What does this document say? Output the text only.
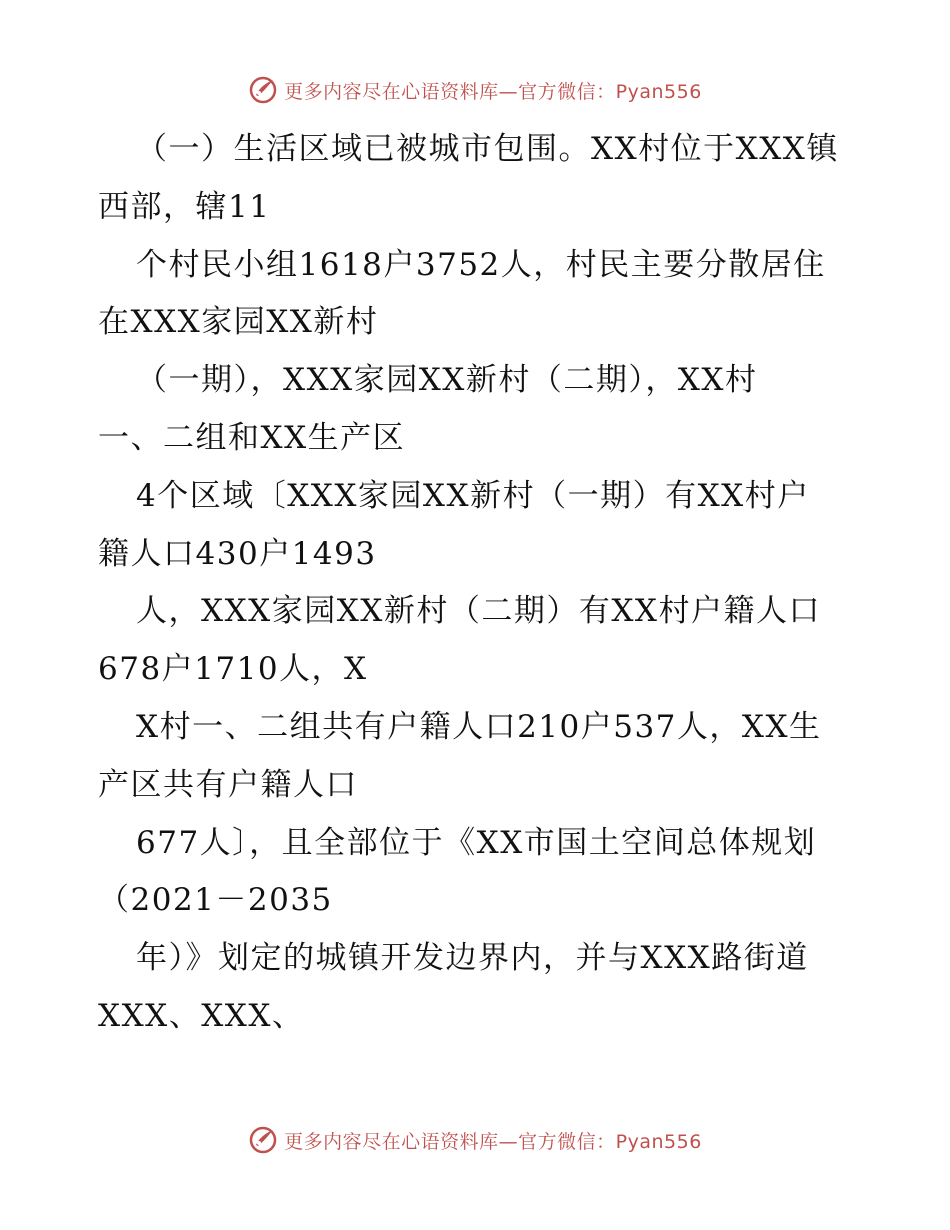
更多内容尽在心语资料库—官方微信：Pyan556
（一）生活区域已被城市包围。XX村位于XXX镇
西部，辖11
个村民小组1618户3752人，村民主要分散居住
在XXX家园XX新村
（一期），XXX家园XX新村（二期），XX村
一、二组和XX生产区
4个区域〔XXX家园XX新村（一期）有XX村户
籍人口430户1493
人，XXX家园XX新村（二期）有XX村户籍人口
678户1710人，X
X村一、二组共有户籍人口210户537人，XX生
产区共有户籍人口
677人〕，且全部位于《XX市国土空间总体规划
（2021－2035
年）》划定的城镇开发边界内，并与XXX路街道
XXX、XXX、
更多内容尽在心语资料库—官方微信：Pyan556
